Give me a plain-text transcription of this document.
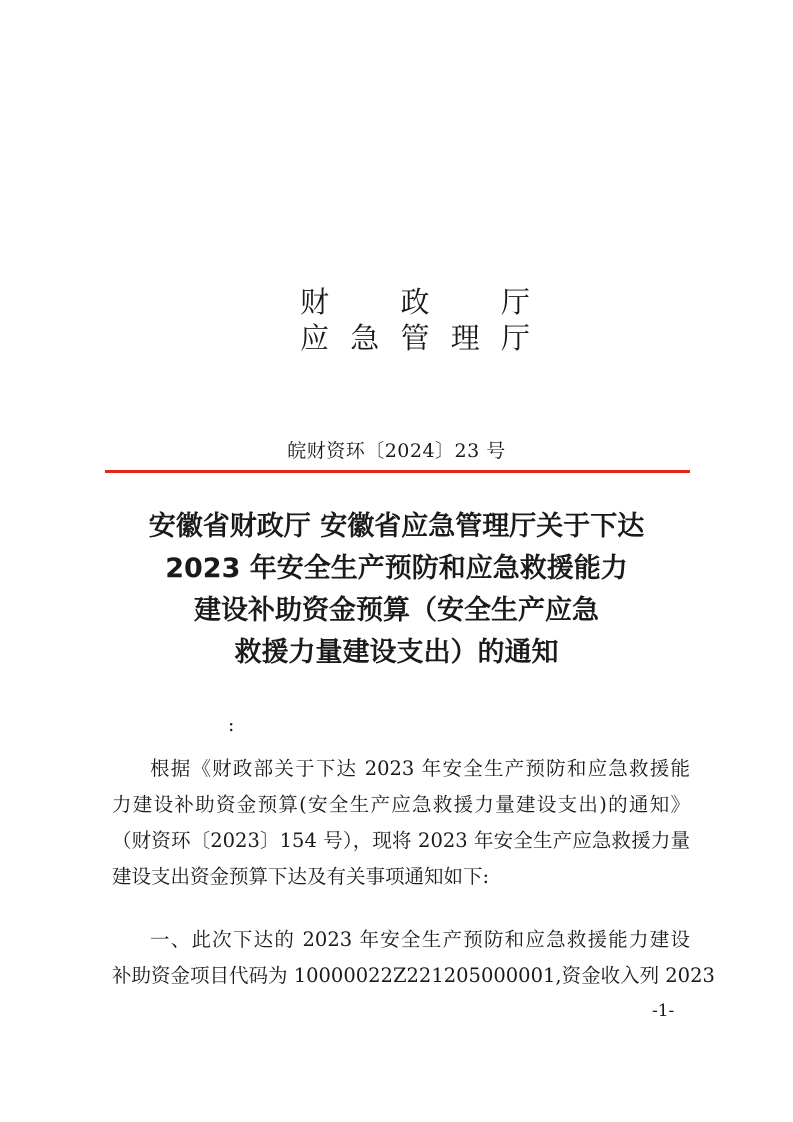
财 政 厅
应 急 管 理 厅
皖财资环〔2024〕23 号
安徽省财政厅 安徽省应急管理厅关于下达
2023 年安全生产预防和应急救援能力
建设补助资金预算（安全生产应急
救援力量建设支出）的通知
:
根据《财政部关于下达 2023 年安全生产预防和应急救援能
力建设补助资金预算(安全生产应急救援力量建设支出)的通知》
（财资环〔2023〕154 号），现将 2023 年安全生产应急救援力量
建设支出资金预算下达及有关事项通知如下:
一、此次下达的 2023 年安全生产预防和应急救援能力建设
补助资金项目代码为 10000022Z221205000001,资金收入列 2023
-1-
